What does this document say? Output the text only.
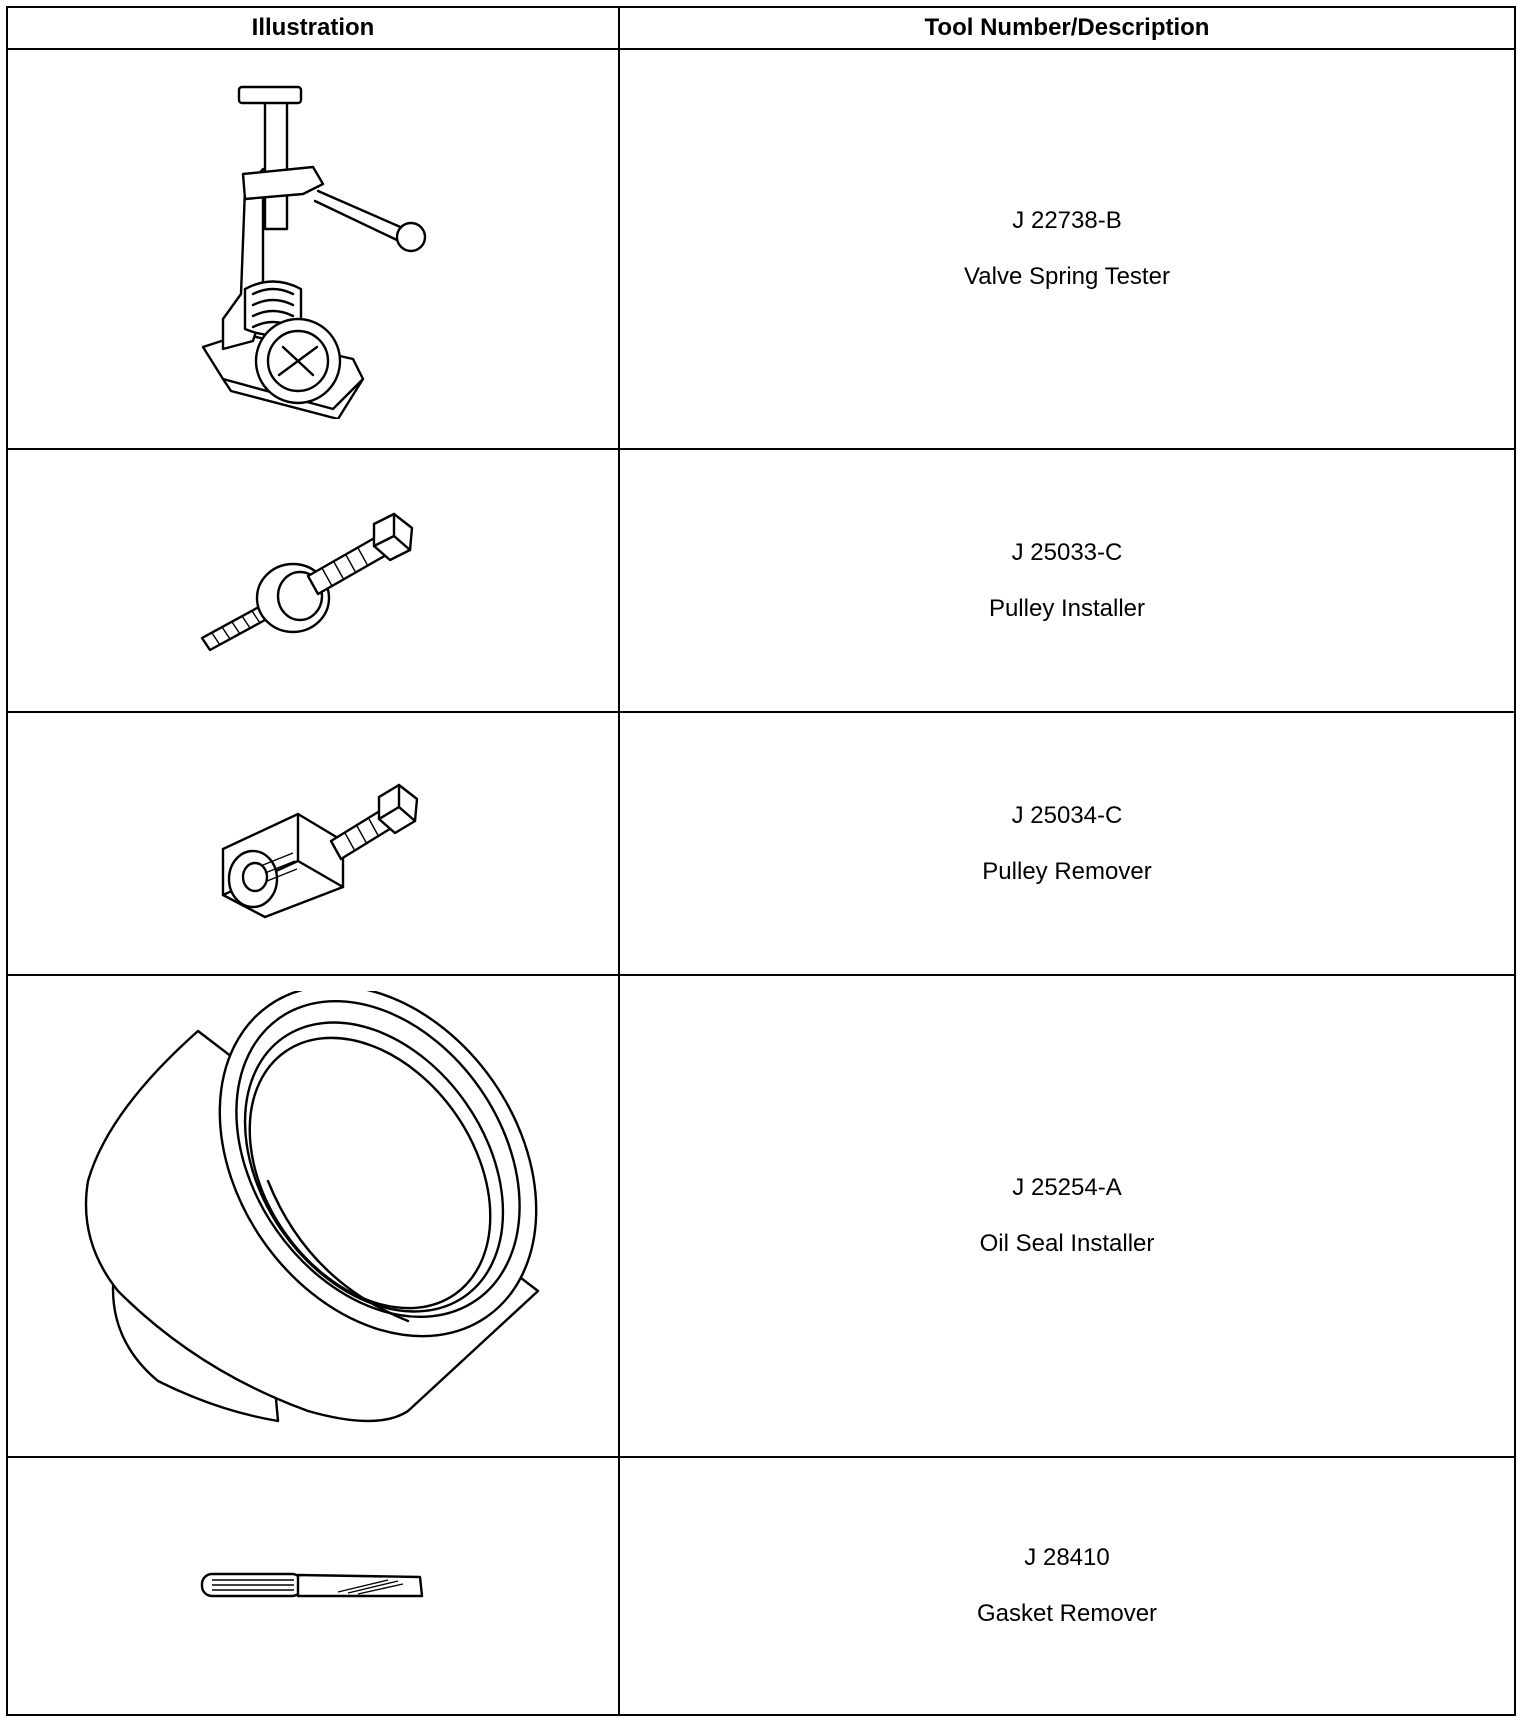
Illustration	Tool Number/Description

J 22738-B
Valve Spring Tester

J 25033-C
Pulley Installer

J 25034-C
Pulley Remover

J 25254-A
Oil Seal Installer

J 28410
Gasket Remover
